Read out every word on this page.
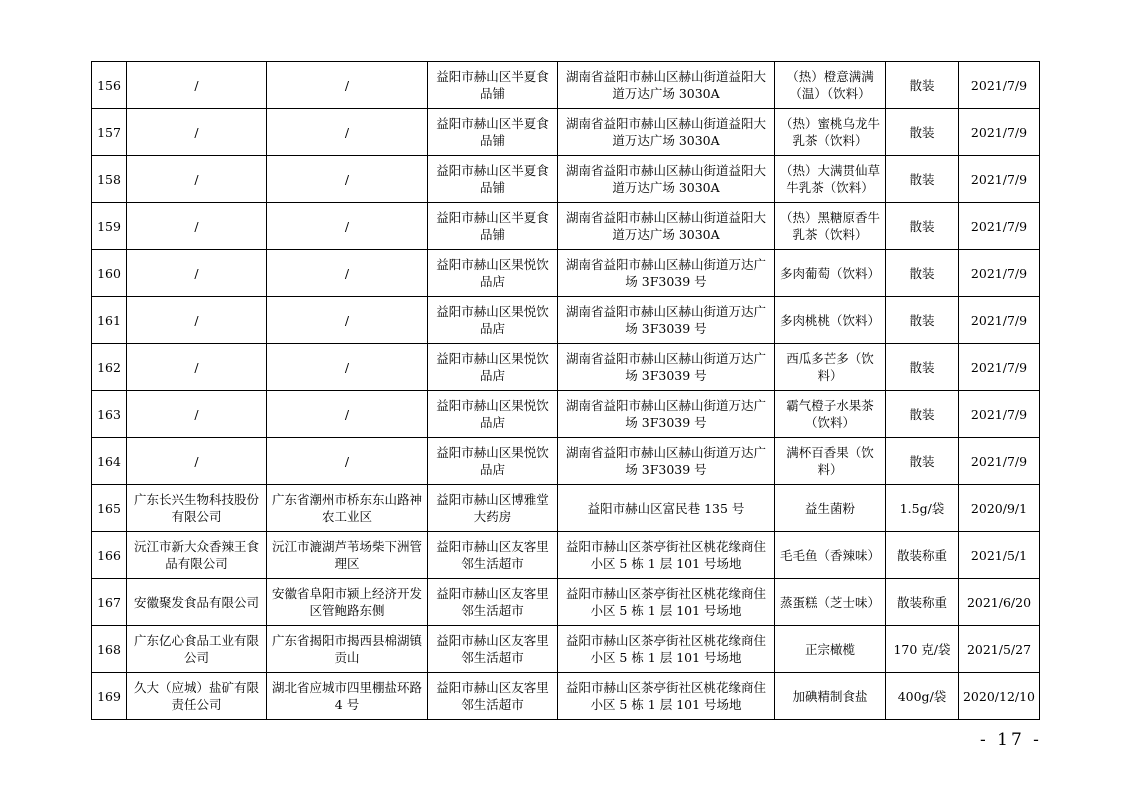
156	/	/	益阳市赫山区半夏食品铺	湖南省益阳市赫山区赫山街道益阳大道万达广场 3030A	（热）橙意满满（温）（饮料）	散装	2021/7/9
157	/	/	益阳市赫山区半夏食品铺	湖南省益阳市赫山区赫山街道益阳大道万达广场 3030A	（热）蜜桃乌龙牛乳茶（饮料）	散装	2021/7/9
158	/	/	益阳市赫山区半夏食品铺	湖南省益阳市赫山区赫山街道益阳大道万达广场 3030A	（热）大满贯仙草牛乳茶（饮料）	散装	2021/7/9
159	/	/	益阳市赫山区半夏食品铺	湖南省益阳市赫山区赫山街道益阳大道万达广场 3030A	（热）黑糖原香牛乳茶（饮料）	散装	2021/7/9
160	/	/	益阳市赫山区果悦饮品店	湖南省益阳市赫山区赫山街道万达广场 3F3039 号	多肉葡萄（饮料）	散装	2021/7/9
161	/	/	益阳市赫山区果悦饮品店	湖南省益阳市赫山区赫山街道万达广场 3F3039 号	多肉桃桃（饮料）	散装	2021/7/9
162	/	/	益阳市赫山区果悦饮品店	湖南省益阳市赫山区赫山街道万达广场 3F3039 号	西瓜多芒多（饮料）	散装	2021/7/9
163	/	/	益阳市赫山区果悦饮品店	湖南省益阳市赫山区赫山街道万达广场 3F3039 号	霸气橙子水果茶（饮料）	散装	2021/7/9
164	/	/	益阳市赫山区果悦饮品店	湖南省益阳市赫山区赫山街道万达广场 3F3039 号	满杯百香果（饮料）	散装	2021/7/9
165	广东长兴生物科技股份有限公司	广东省潮州市桥东东山路神农工业区	益阳市赫山区博雅堂大药房	益阳市赫山区富民巷 135 号	益生菌粉	1.5g/袋	2020/9/1
166	沅江市新大众香辣王食品有限公司	沅江市漉湖芦苇场柴下洲管理区	益阳市赫山区友客里邻生活超市	益阳市赫山区茶亭街社区桃花缘商住小区 5 栋 1 层 101 号场地	毛毛鱼（香辣味）	散装称重	2021/5/1
167	安徽聚发食品有限公司	安徽省阜阳市颍上经济开发区管鲍路东侧	益阳市赫山区友客里邻生活超市	益阳市赫山区茶亭街社区桃花缘商住小区 5 栋 1 层 101 号场地	蒸蛋糕（芝士味）	散装称重	2021/6/20
168	广东亿心食品工业有限公司	广东省揭阳市揭西县棉湖镇贡山	益阳市赫山区友客里邻生活超市	益阳市赫山区茶亭街社区桃花缘商住小区 5 栋 1 层 101 号场地	正宗橄榄	170 克/袋	2021/5/27
169	久大（应城）盐矿有限责任公司	湖北省应城市四里棚盐环路 4 号	益阳市赫山区友客里邻生活超市	益阳市赫山区茶亭街社区桃花缘商住小区 5 栋 1 层 101 号场地	加碘精制食盐	400g/袋	2020/12/10
- 17 -
